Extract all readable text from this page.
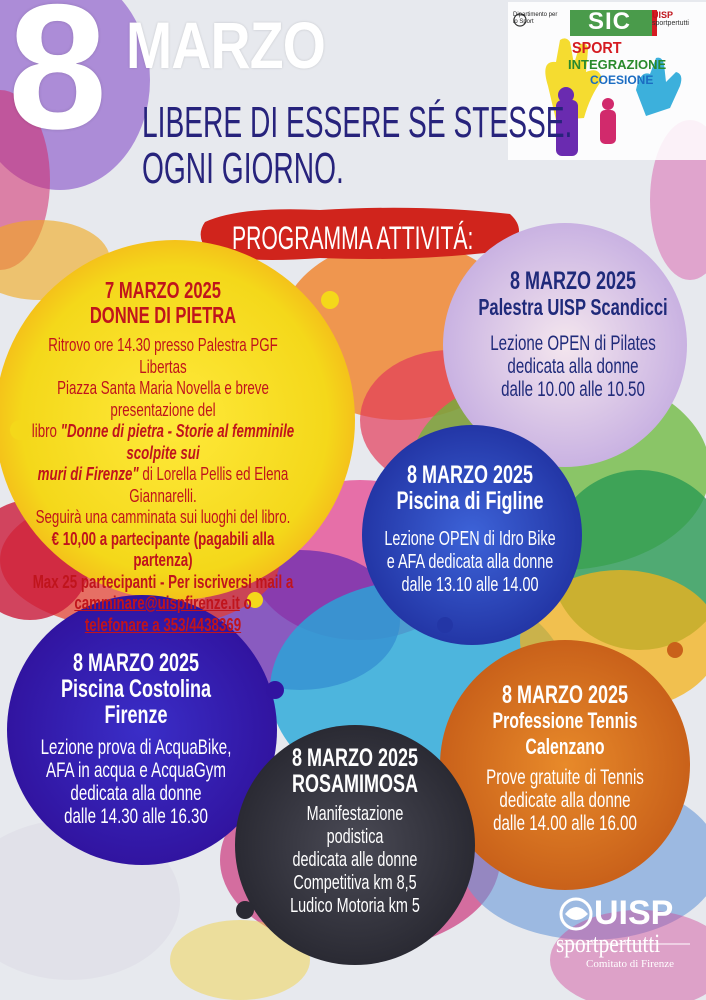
8 MARZO
LIBERE DI ESSERE SÉ STESSE.
OGNI GIORNO.
PROGRAMMA ATTIVITÁ:
Dipartimento per lo Sport
UISP
sportpertutti
SIC
SPORT
INTEGRAZIONE
COESIONE
7 MARZO 2025
DONNE DI PIETRA
Ritrovo ore 14.30 presso Palestra PGF Libertas
Piazza Santa Maria Novella e breve presentazione del
libro "Donne di pietra - Storie al femminile scolpite sui
muri di Firenze" di Lorella Pellis ed Elena Giannarelli.
Seguirà una camminata sui luoghi del libro.
€ 10,00 a partecipante (pagabili alla partenza)
Max 25 partecipanti - Per iscriversi mail a
camminare@uispfirenze.it o
telefonare a 353/4438369
8 MARZO 2025
Palestra UISP Scandicci
Lezione OPEN di Pilates
dedicata alla donne
dalle 10.00 alle 10.50
8 MARZO 2025
Piscina di Figline
Lezione OPEN di Idro Bike
e AFA dedicata alla donne
dalle 13.10 alle 14.00
8 MARZO 2025
Piscina Costolina Firenze
Lezione prova di AcquaBike,
AFA in acqua e AcquaGym
dedicata alla donne
dalle 14.30 alle 16.30
8 MARZO 2025
ROSAMIMOSA
Manifestazione podistica
dedicata alle donne
Competitiva km 8,5
Ludico Motoria km 5
8 MARZO 2025
Professione Tennis Calenzano
Prove gratuite di Tennis
dedicate alla donne
dalle 14.00 alle 16.00
UISP
sportpertutti
Comitato di Firenze
